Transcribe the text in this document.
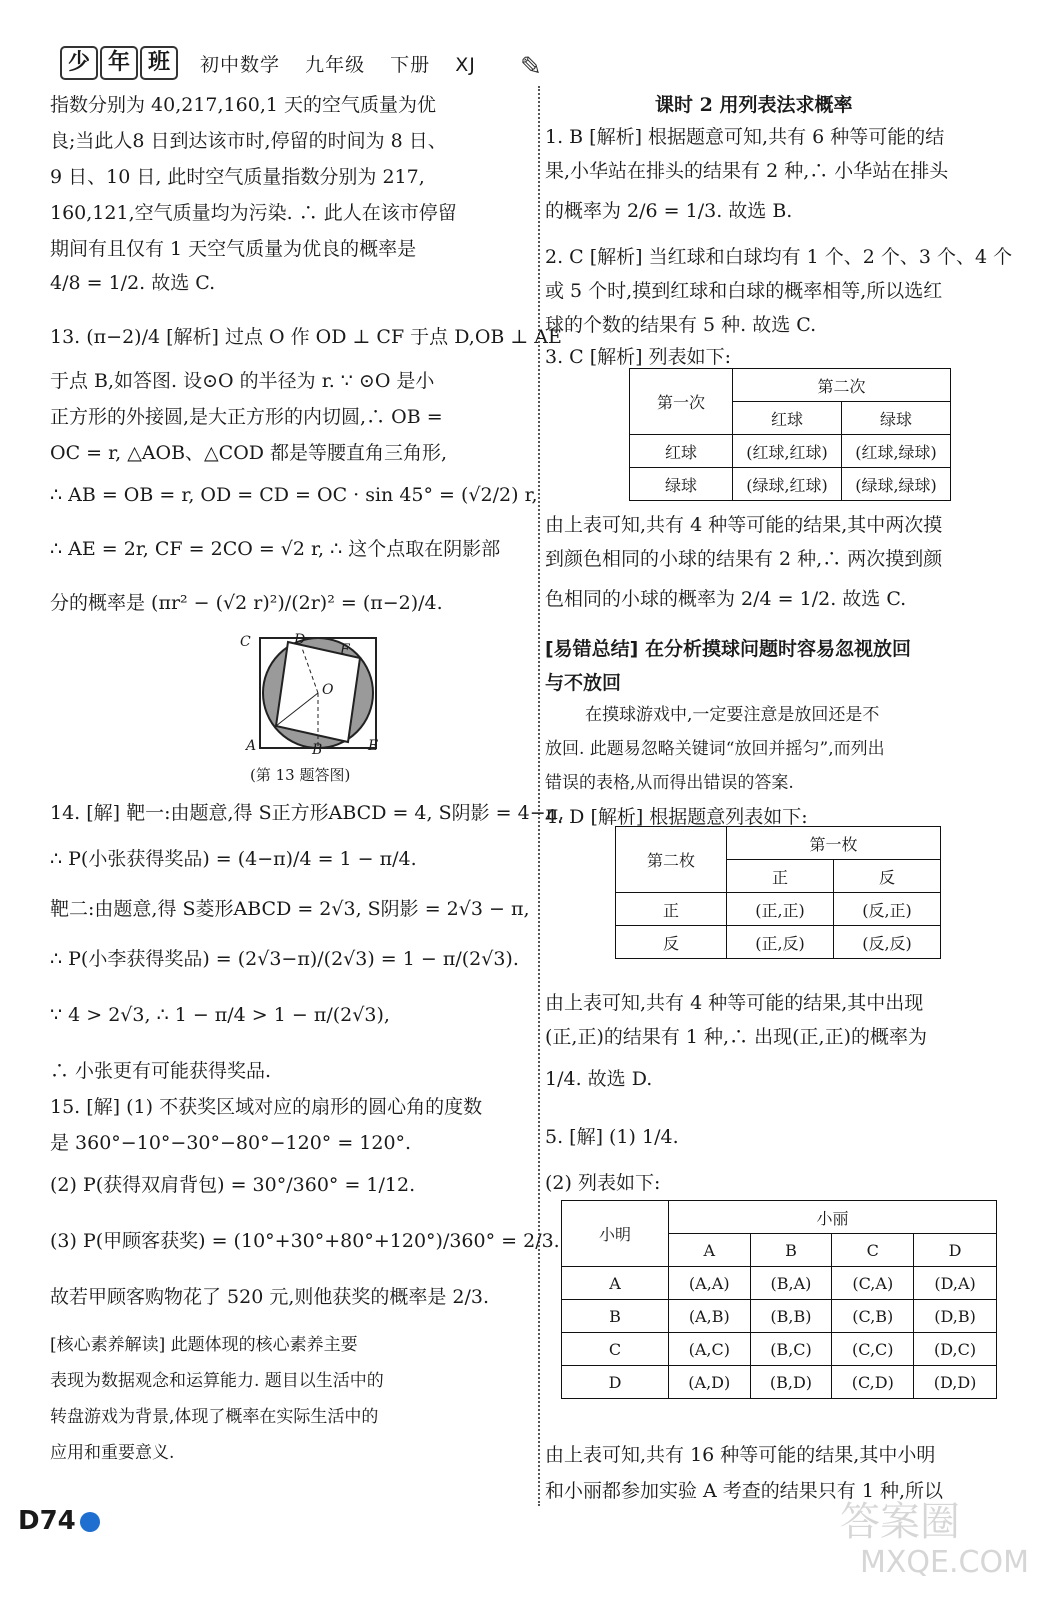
少 年 班	初中数学 九年级 下册 XJ	✎
指数分别为 40,217,160,1 天的空气质量为优
良;当此人8 日到达该市时,停留的时间为 8 日、
9 日、10 日, 此时空气质量指数分别为 217,
160,121,空气质量均为污染. ∴ 此人在该市停留
期间有且仅有 1 天空气质量为优良的概率是
4/8 = 1/2. 故选 C.
13. (π−2)/4 [解析] 过点 O 作 OD ⊥ CF 于点 D,OB ⊥ AE
于点 B,如答图. 设⊙O 的半径为 r. ∵ ⊙O 是小
正方形的外接圆,是大正方形的内切圆,∴ OB =
OC = r, △AOB、△COD 都是等腰直角三角形,
∴ AB = OB = r, OD = CD = OC · sin 45° = (√2/2) r,
∴ AE = 2r, CF = 2CO = √2 r, ∴ 这个点取在阴影部
分的概率是 (πr² − (√2 r)²)/(2r)² = (π−2)/4.
C	D
F
O
A	B	E
(第 13 题答图)
14. [解] 靶一:由题意,得 S正方形ABCD = 4, S阴影 = 4−π,
∴ P(小张获得奖品) = (4−π)/4 = 1 − π/4.
靶二:由题意,得 S菱形ABCD = 2√3, S阴影 = 2√3 − π,
∴ P(小李获得奖品) = (2√3−π)/(2√3) = 1 − π/(2√3).
∵ 4 > 2√3, ∴ 1 − π/4 > 1 − π/(2√3),
∴ 小张更有可能获得奖品.
15. [解] (1) 不获奖区域对应的扇形的圆心角的度数
是 360°−10°−30°−80°−120° = 120°.
(2) P(获得双肩背包) = 30°/360° = 1/12.
(3) P(甲顾客获奖) = (10°+30°+80°+120°)/360° = 2/3.
故若甲顾客购物花了 520 元,则他获奖的概率是 2/3.
[核心素养解读] 此题体现的核心素养主要
表现为数据观念和运算能力. 题目以生活中的
转盘游戏为背景,体现了概率在实际生活中的
应用和重要意义.
课时 2 用列表法求概率
1. B [解析] 根据题意可知,共有 6 种等可能的结
果,小华站在排头的结果有 2 种,∴ 小华站在排头
的概率为 2/6 = 1/3. 故选 B.
2. C [解析] 当红球和白球均有 1 个、2 个、3 个、4 个
或 5 个时,摸到红球和白球的概率相等,所以选红
球的个数的结果有 5 种. 故选 C.
3. C [解析] 列表如下:
第一次	第二次	
	红球	绿球
红球	(红球,红球)	(红球,绿球)
绿球	(绿球,红球)	(绿球,绿球)
由上表可知,共有 4 种等可能的结果,其中两次摸
到颜色相同的小球的结果有 2 种,∴ 两次摸到颜
色相同的小球的概率为 2/4 = 1/2. 故选 C.
[易错总结] 在分析摸球问题时容易忽视放回
与不放回
在摸球游戏中,一定要注意是放回还是不
放回. 此题易忽略关键词“放回并摇匀”,而列出
错误的表格,从而得出错误的答案.
4. D [解析] 根据题意列表如下:
第二枚	第一枚	
	正	反
正	(正,正)	(反,正)
反	(正,反)	(反,反)
由上表可知,共有 4 种等可能的结果,其中出现
(正,正)的结果有 1 种,∴ 出现(正,正)的概率为
1/4. 故选 D.
5. [解] (1) 1/4.
(2) 列表如下:
小明	小丽			
	A	B	C	D
A	(A,A)	(B,A)	(C,A)	(D,A)
B	(A,B)	(B,B)	(C,B)	(D,B)
C	(A,C)	(B,C)	(C,C)	(D,C)
D	(A,D)	(B,D)	(C,D)	(D,D)
由上表可知,共有 16 种等可能的结果,其中小明
和小丽都参加实验 A 考查的结果只有 1 种,所以
D74	答案圈
MXQE.COM
